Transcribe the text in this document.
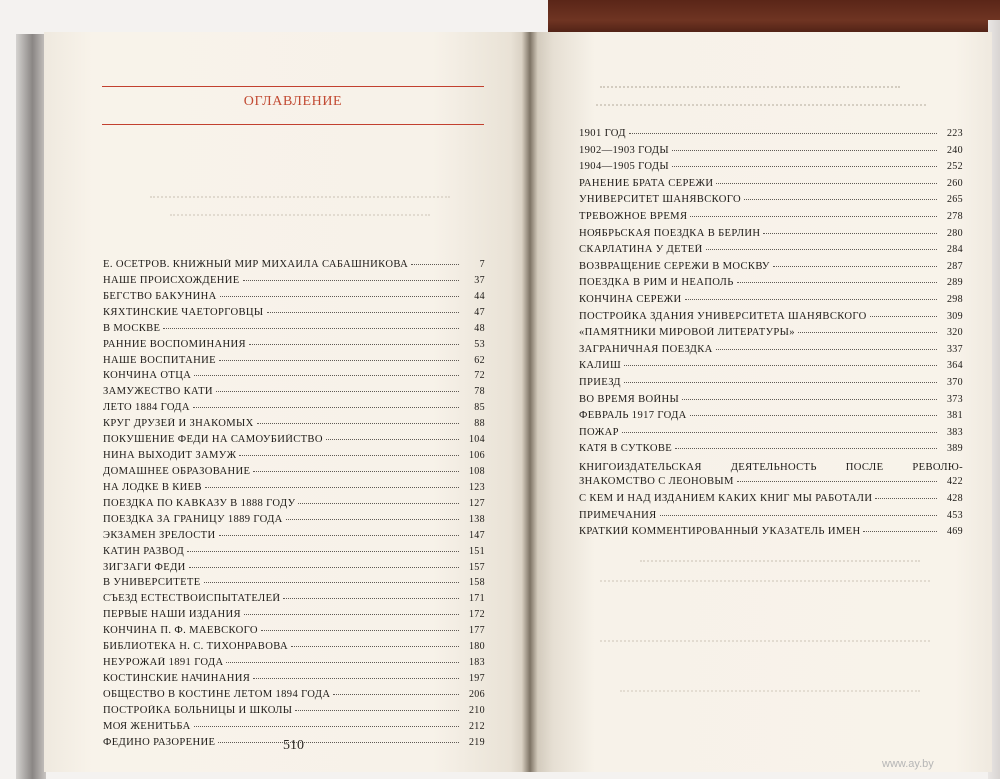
ОГЛАВЛЕНИЕ
Е. ОСЕТРОВ. КНИЖНЫЙ МИР МИХАИЛА САБАШНИКОВА	7
НАШЕ ПРОИСХОЖДЕНИЕ	37
БЕГСТВО БАКУНИНА	44
КЯХТИНСКИЕ ЧАЕТОРГОВЦЫ	47
В МОСКВЕ	48
РАННИЕ ВОСПОМИНАНИЯ	53
НАШЕ ВОСПИТАНИЕ	62
КОНЧИНА ОТЦА	72
ЗАМУЖЕСТВО КАТИ	78
ЛЕТО 1884 ГОДА	85
КРУГ ДРУЗЕЙ И ЗНАКОМЫХ	88
ПОКУШЕНИЕ ФЕДИ НА САМОУБИЙСТВО	104
НИНА ВЫХОДИТ ЗАМУЖ	106
ДОМАШНЕЕ ОБРАЗОВАНИЕ	108
НА ЛОДКЕ В КИЕВ	123
ПОЕЗДКА ПО КАВКАЗУ В 1888 ГОДУ	127
ПОЕЗДКА ЗА ГРАНИЦУ 1889 ГОДА	138
ЭКЗАМЕН ЗРЕЛОСТИ	147
КАТИН РАЗВОД	151
ЗИГЗАГИ ФЕДИ	157
В УНИВЕРСИТЕТЕ	158
СЪЕЗД ЕСТЕСТВОИСПЫТАТЕЛЕЙ	171
ПЕРВЫЕ НАШИ ИЗДАНИЯ	172
КОНЧИНА П. Ф. МАЕВСКОГО	177
БИБЛИОТЕКА Н. С. ТИХОНРАВОВА	180
НЕУРОЖАЙ 1891 ГОДА	183
КОСТИНСКИЕ НАЧИНАНИЯ	197
ОБЩЕСТВО В КОСТИНЕ ЛЕТОМ 1894 ГОДА	206
ПОСТРОЙКА БОЛЬНИЦЫ И ШКОЛЫ	210
МОЯ ЖЕНИТЬБА	212
ФЕДИНО РАЗОРЕНИЕ	219
1901 ГОД	223
1902—1903 ГОДЫ	240
1904—1905 ГОДЫ	252
РАНЕНИЕ БРАТА СЕРЕЖИ	260
УНИВЕРСИТЕТ ШАНЯВСКОГО	265
ТРЕВОЖНОЕ ВРЕМЯ	278
НОЯБРЬСКАЯ ПОЕЗДКА В БЕРЛИН	280
СКАРЛАТИНА У ДЕТЕЙ	284
ВОЗВРАЩЕНИЕ СЕРЕЖИ В МОСКВУ	287
ПОЕЗДКА В РИМ И НЕАПОЛЬ	289
КОНЧИНА СЕРЕЖИ	298
ПОСТРОЙКА ЗДАНИЯ УНИВЕРСИТЕТА ШАНЯВСКОГО	309
«ПАМЯТНИКИ МИРОВОЙ ЛИТЕРАТУРЫ»	320
ЗАГРАНИЧНАЯ ПОЕЗДКА	337
КАЛИШ	364
ПРИЕЗД	370
ВО ВРЕМЯ ВОЙНЫ	373
ФЕВРАЛЬ 1917 ГОДА	381
ПОЖАР	383
КАТЯ В СУТКОВЕ	389
КНИГОИЗДАТЕЛЬСКАЯ ДЕЯТЕЛЬНОСТЬ ПОСЛЕ РЕВОЛЮ-
ЗНАКОМСТВО С ЛЕОНОВЫМ	422
С КЕМ И НАД ИЗДАНИЕМ КАКИХ КНИГ МЫ РАБОТАЛИ	428
ПРИМЕЧАНИЯ	453
КРАТКИЙ КОММЕНТИРОВАННЫЙ УКАЗАТЕЛЬ ИМЕН	469
510
www.ay.by
